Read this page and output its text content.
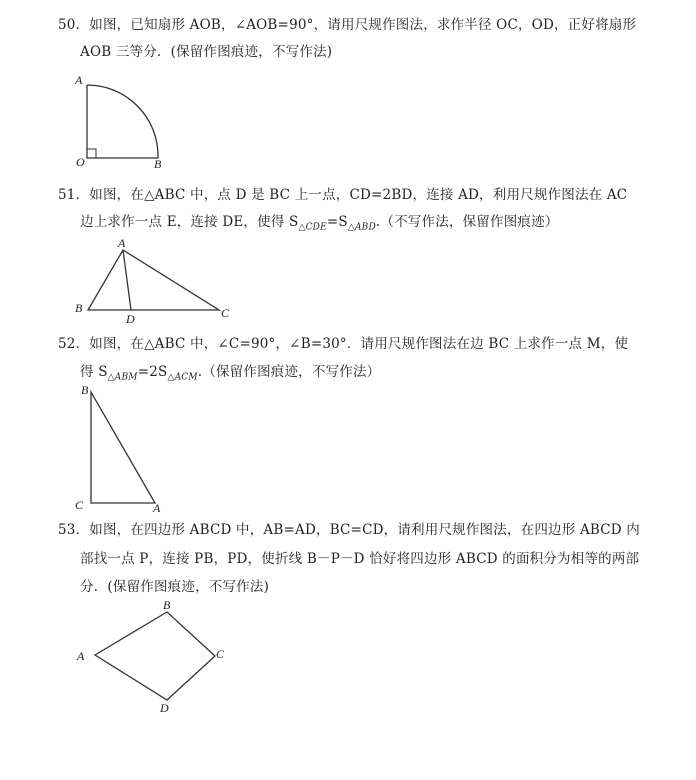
50．如图，已知扇形 AOB，∠AOB=90°，请用尺规作图法，求作半径 OC，OD，正好将扇形
AOB 三等分．(保留作图痕迹，不写作法)
A
O	B
51．如图，在△ABC 中，点 D 是 BC 上一点，CD=2BD，连接 AD，利用尺规作图法在 AC
边上求作一点 E，连接 DE，使得 $S_{\triangle CDE}=S_{\triangle ABD}$.（不写作法，保留作图痕迹）
A
B
D	C
52．如图，在△ABC 中，∠C=90°，∠B=30°．请用尺规作图法在边 BC 上求作一点 M，使
得 $S_{\triangle ABM}=2S_{\triangle ACM}$.（保留作图痕迹，不写作法）
B
C	A
53．如图，在四边形 ABCD 中，AB=AD，BC=CD，请利用尺规作图法，在四边形 ABCD 内
部找一点 P，连接 PB，PD，使折线 B－P－D 恰好将四边形 ABCD 的面积分为相等的两部
分．(保留作图痕迹，不写作法)
B
A	C
D
